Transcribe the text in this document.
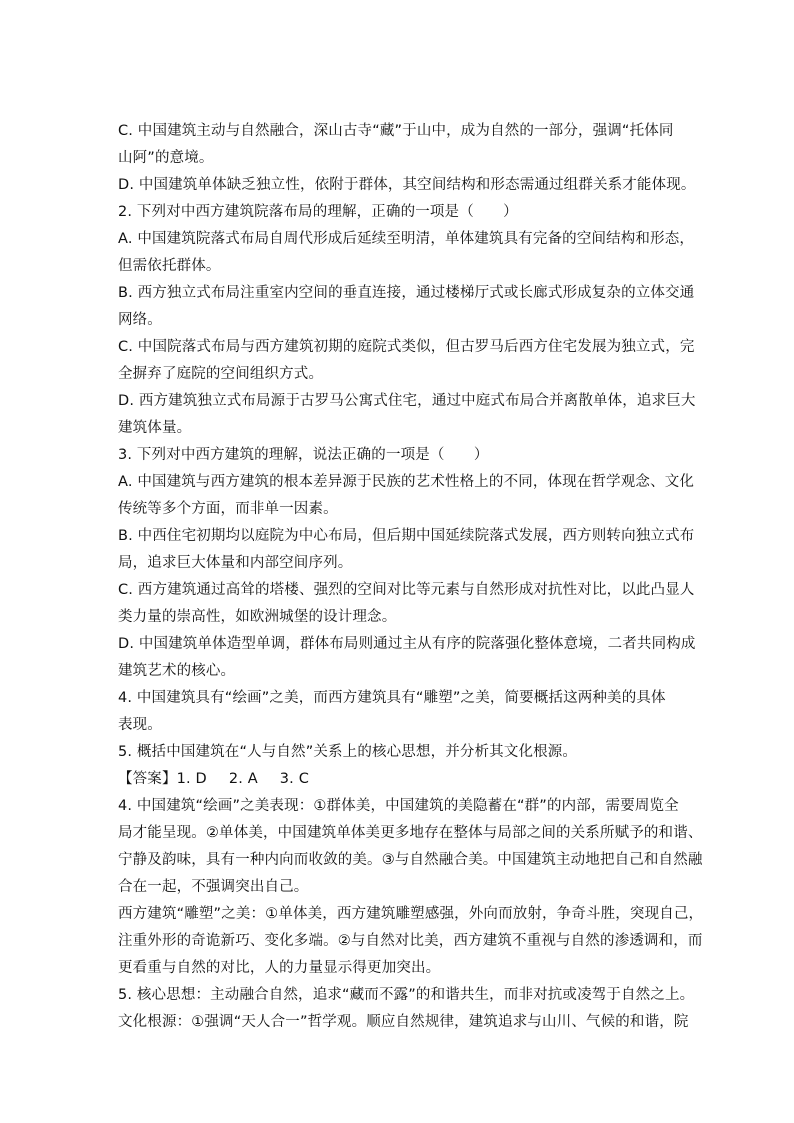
C. 中国建筑主动与自然融合，深山古寺“藏”于山中，成为自然的一部分，强调“托体同
山阿”的意境。
D. 中国建筑单体缺乏独立性，依附于群体，其空间结构和形态需通过组群关系才能体现。
2. 下列对中西方建筑院落布局的理解，正确的一项是（　　）
A. 中国建筑院落式布局自周代形成后延续至明清，单体建筑具有完备的空间结构和形态，
但需依托群体。
B. 西方独立式布局注重室内空间的垂直连接，通过楼梯厅式或长廊式形成复杂的立体交通
网络。
C. 中国院落式布局与西方建筑初期的庭院式类似，但古罗马后西方住宅发展为独立式，完
全摒弃了庭院的空间组织方式。
D. 西方建筑独立式布局源于古罗马公寓式住宅，通过中庭式布局合并离散单体，追求巨大
建筑体量。
3. 下列对中西方建筑的理解，说法正确的一项是（　　）
A. 中国建筑与西方建筑的根本差异源于民族的艺术性格上的不同，体现在哲学观念、文化
传统等多个方面，而非单一因素。
B. 中西住宅初期均以庭院为中心布局，但后期中国延续院落式发展，西方则转向独立式布
局，追求巨大体量和内部空间序列。
C. 西方建筑通过高耸的塔楼、强烈的空间对比等元素与自然形成对抗性对比，以此凸显人
类力量的崇高性，如欧洲城堡的设计理念。
D. 中国建筑单体造型单调，群体布局则通过主从有序的院落强化整体意境，二者共同构成
建筑艺术的核心。
4. 中国建筑具有“绘画”之美，而西方建筑具有“雕塑”之美，简要概括这两种美的具体
表现。
5. 概括中国建筑在“人与自然”关系上的核心思想，并分析其文化根源。
【答案】1. D 2. A 3. C
4. 中国建筑“绘画”之美表现：①群体美，中国建筑的美隐蓄在“群”的内部，需要周览全
局才能呈现。②单体美，中国建筑单体美更多地存在整体与局部之间的关系所赋予的和谐、
宁静及韵味，具有一种内向而收敛的美。③与自然融合美。中国建筑主动地把自己和自然融
合在一起，不强调突出自己。
西方建筑“雕塑”之美：①单体美，西方建筑雕塑感强，外向而放射，争奇斗胜，突现自己，
注重外形的奇诡新巧、变化多端。②与自然对比美，西方建筑不重视与自然的渗透调和，而
更看重与自然的对比，人的力量显示得更加突出。
5. 核心思想：主动融合自然，追求“藏而不露”的和谐共生，而非对抗或凌驾于自然之上。
文化根源：①强调“天人合一”哲学观。顺应自然规律，建筑追求与山川、气候的和谐，院
